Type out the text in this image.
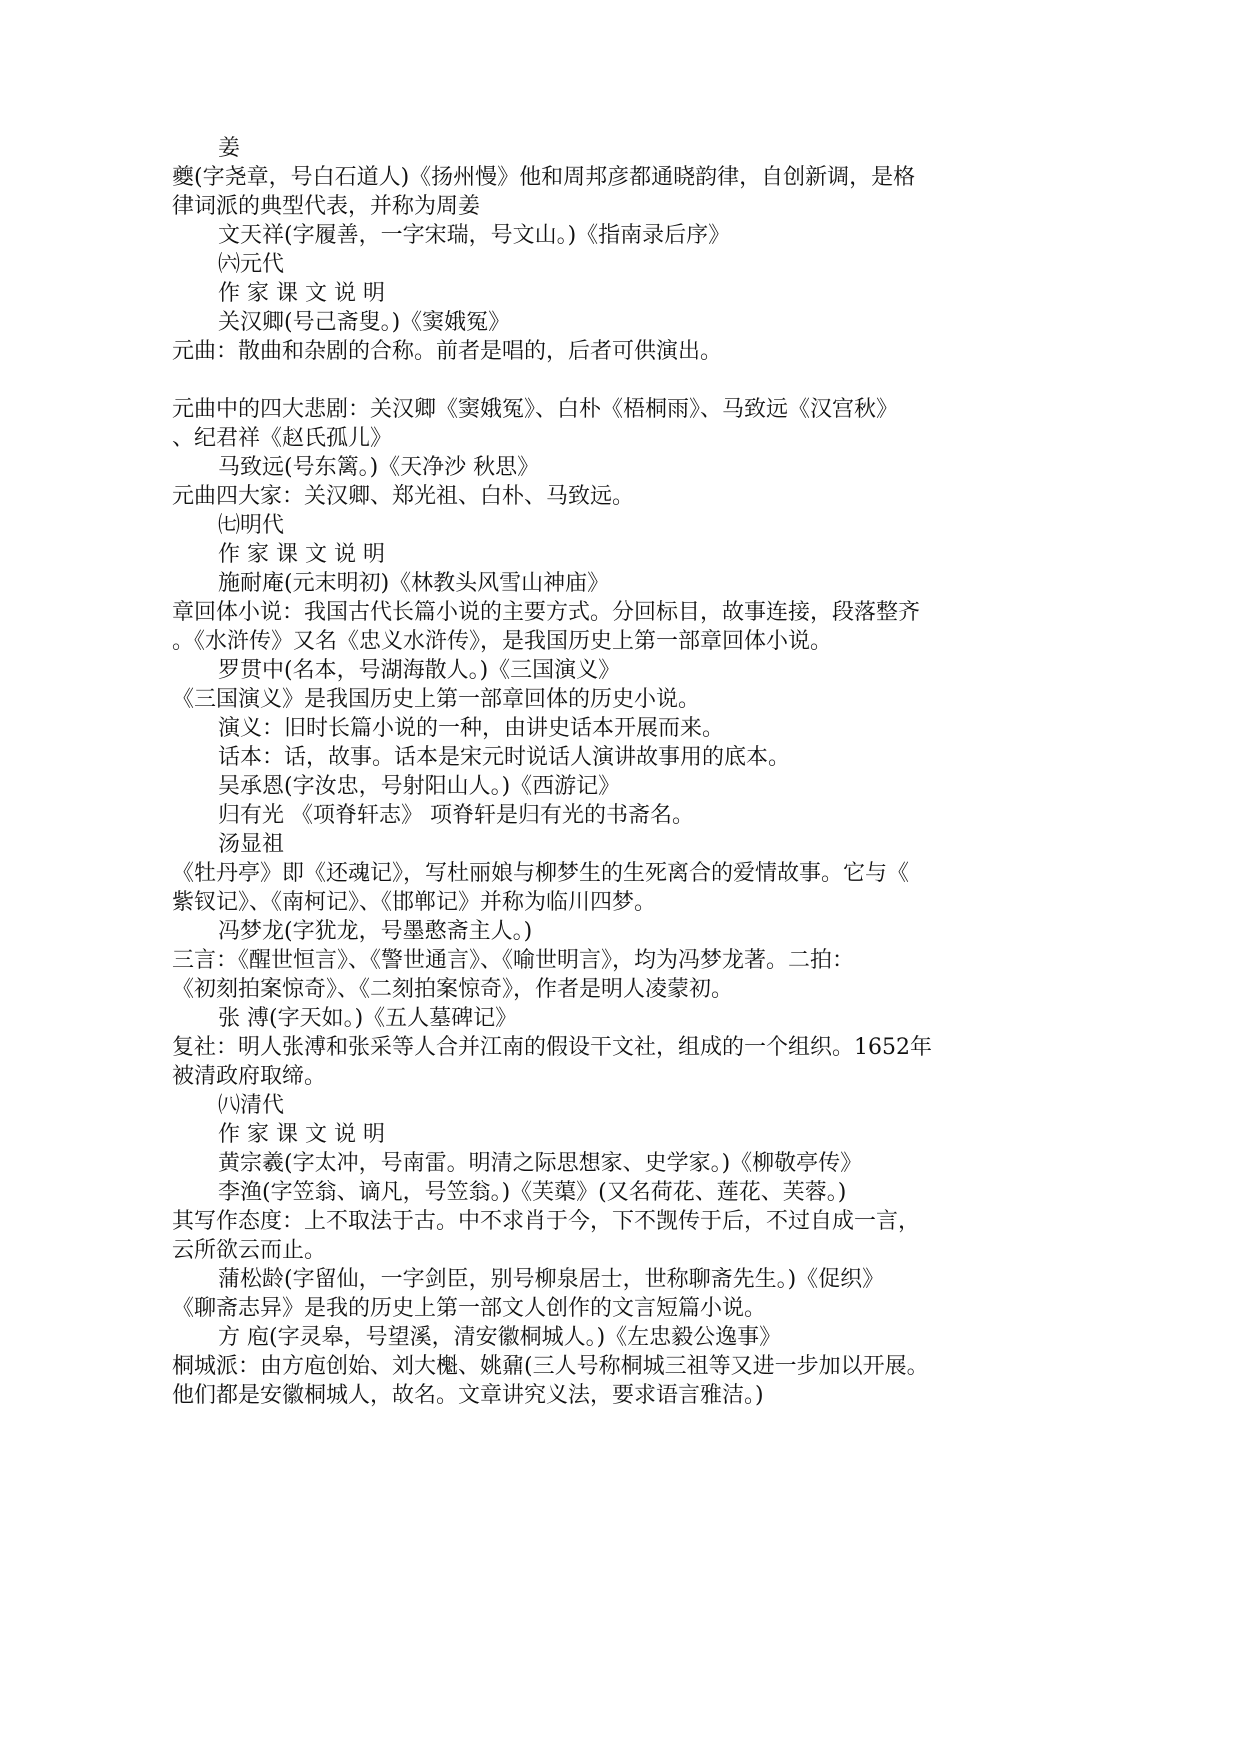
姜
夔(字尧章，号白石道人)《扬州慢》他和周邦彦都通晓韵律，自创新调，是格
律词派的典型代表，并称为周姜
文天祥(字履善，一字宋瑞，号文山。)《指南录后序》
㈥元代
作 家 课 文 说 明
关汉卿(号己斋叟。)《窦娥冤》
元曲：散曲和杂剧的合称。前者是唱的，后者可供演出。
元曲中的四大悲剧：关汉卿《窦娥冤》、白朴《梧桐雨》、马致远《汉宫秋》
、纪君祥《赵氏孤儿》
马致远(号东篱。)《天净沙 秋思》
元曲四大家：关汉卿、郑光祖、白朴、马致远。
㈦明代
作 家 课 文 说 明
施耐庵(元末明初)《林教头风雪山神庙》
章回体小说：我国古代长篇小说的主要方式。分回标目，故事连接，段落整齐
。《水浒传》又名《忠义水浒传》，是我国历史上第一部章回体小说。
罗贯中(名本，号湖海散人。)《三国演义》
《三国演义》是我国历史上第一部章回体的历史小说。
演义：旧时长篇小说的一种，由讲史话本开展而来。
话本：话，故事。话本是宋元时说话人演讲故事用的底本。
吴承恩(字汝忠，号射阳山人。)《西游记》
归有光 《项脊轩志》 项脊轩是归有光的书斋名。
汤显祖
《牡丹亭》即《还魂记》，写杜丽娘与柳梦生的生死离合的爱情故事。它与《
紫钗记》、《南柯记》、《邯郸记》并称为临川四梦。
冯梦龙(字犹龙，号墨憨斋主人。)
三言：《醒世恒言》、《警世通言》、《喻世明言》，均为冯梦龙著。二拍：
《初刻拍案惊奇》、《二刻拍案惊奇》，作者是明人凌蒙初。
张 溥(字天如。)《五人墓碑记》
复社：明人张溥和张采等人合并江南的假设干文社，组成的一个组织。1652年
被清政府取缔。
㈧清代
作 家 课 文 说 明
黄宗羲(字太冲，号南雷。明清之际思想家、史学家。)《柳敬亭传》
李渔(字笠翁、谪凡，号笠翁。)《芙蕖》(又名荷花、莲花、芙蓉。)
其写作态度：上不取法于古。中不求肖于今，下不觊传于后，不过自成一言，
云所欲云而止。
蒲松龄(字留仙，一字剑臣，别号柳泉居士，世称聊斋先生。)《促织》
《聊斋志异》是我的历史上第一部文人创作的文言短篇小说。
方 庖(字灵皋，号望溪，清安徽桐城人。)《左忠毅公逸事》
桐城派：由方庖创始、刘大櫆、姚鼐(三人号称桐城三祖等又进一步加以开展。
他们都是安徽桐城人，故名。文章讲究义法，要求语言雅洁。)
